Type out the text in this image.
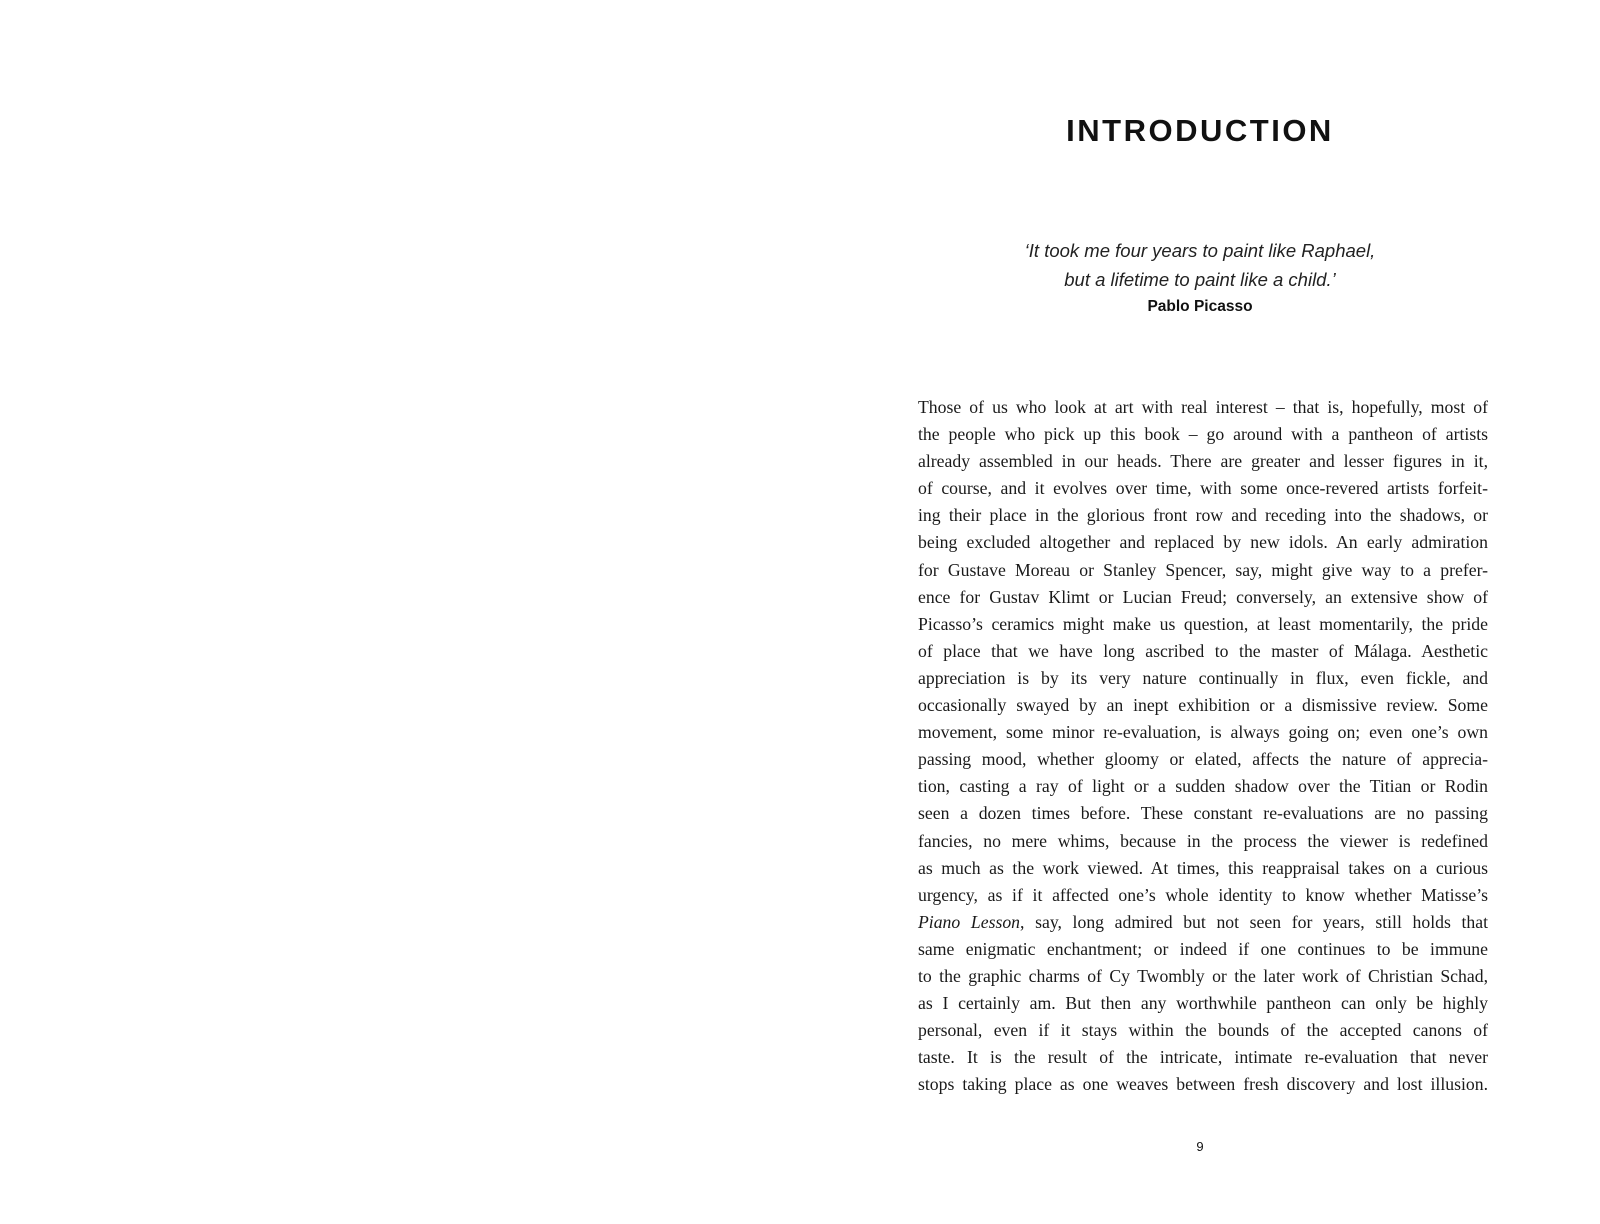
INTRODUCTION
‘It took me four years to paint like Raphael,
but a lifetime to paint like a child.’
Pablo Picasso
Those of us who look at art with real interest – that is, hopefully, most of
the people who pick up this book – go around with a pantheon of artists
already assembled in our heads. There are greater and lesser figures in it,
of course, and it evolves over time, with some once-revered artists forfeit-
ing their place in the glorious front row and receding into the shadows, or
being excluded altogether and replaced by new idols. An early admiration
for Gustave Moreau or Stanley Spencer, say, might give way to a prefer-
ence for Gustav Klimt or Lucian Freud; conversely, an extensive show of
Picasso’s ceramics might make us question, at least momentarily, the pride
of place that we have long ascribed to the master of Málaga. Aesthetic
appreciation is by its very nature continually in flux, even fickle, and
occasionally swayed by an inept exhibition or a dismissive review. Some
movement, some minor re-evaluation, is always going on; even one’s own
passing mood, whether gloomy or elated, affects the nature of apprecia-
tion, casting a ray of light or a sudden shadow over the Titian or Rodin
seen a dozen times before. These constant re-evaluations are no passing
fancies, no mere whims, because in the process the viewer is redefined
as much as the work viewed. At times, this reappraisal takes on a curious
urgency, as if it affected one’s whole identity to know whether Matisse’s
Piano Lesson, say, long admired but not seen for years, still holds that
same enigmatic enchantment; or indeed if one continues to be immune
to the graphic charms of Cy Twombly or the later work of Christian Schad,
as I certainly am. But then any worthwhile pantheon can only be highly
personal, even if it stays within the bounds of the accepted canons of
taste. It is the result of the intricate, intimate re-evaluation that never
stops taking place as one weaves between fresh discovery and lost illusion.
9
